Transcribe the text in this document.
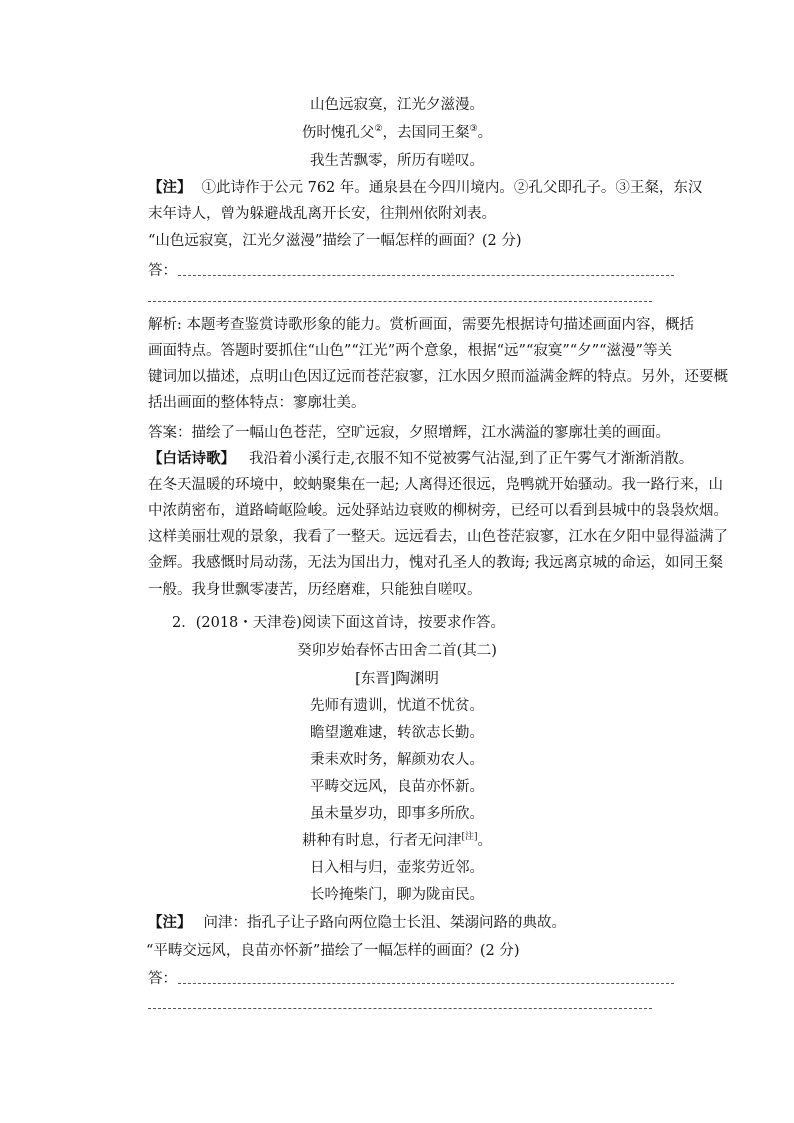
山色远寂寞，江光夕滋漫。
伤时愧孔父②，去国同王粲③。
我生苦飘零，所历有嗟叹。
【注】 ①此诗作于公元 762 年。通泉县在今四川境内。②孔父即孔子。③王粲，东汉
末年诗人，曾为躲避战乱离开长安，往荆州依附刘表。
“山色远寂寞，江光夕滋漫”描绘了一幅怎样的画面？(2 分)
答：
解析: 本题考查鉴赏诗歌形象的能力。赏析画面，需要先根据诗句描述画面内容，概括
画面特点。答题时要抓住“山色”“江光”两个意象，根据“远”“寂寞”“夕”“滋漫”等关
键词加以描述，点明山色因辽远而苍茫寂寥，江水因夕照而溢满金辉的特点。另外，还要概
括出画面的整体特点：寥廓壮美。
答案：描绘了一幅山色苍茫，空旷远寂，夕照增辉，江水满溢的寥廓壮美的画面。
【白话诗歌】 我沿着小溪行走,衣服不知不觉被雾气沾湿,到了正午雾气才渐渐消散。
在冬天温暖的环境中，蛟蚋聚集在一起; 人离得还很远，凫鸭就开始骚动。我一路行来，山
中浓荫密布，道路崎岖险峻。远处驿站边衰败的柳树旁，已经可以看到县城中的袅袅炊烟。
这样美丽壮观的景象，我看了一整天。远远看去，山色苍茫寂寥，江水在夕阳中显得溢满了
金辉。我感慨时局动荡，无法为国出力，愧对孔圣人的教诲; 我远离京城的命运，如同王粲
一般。我身世飘零凄苦，历经磨难，只能独自嗟叹。
2．(2018・天津卷)阅读下面这首诗，按要求作答。
癸卯岁始春怀古田舍二首(其二)
[东晋]陶渊明
先师有遗训，忧道不忧贫。
瞻望邈难逮，转欲志长勤。
秉耒欢时务，解颜劝农人。
平畴交远风，良苗亦怀新。
虽未量岁功，即事多所欣。
耕种有时息，行者无问津[注]。
日入相与归，壶浆劳近邻。
长吟掩柴门，聊为陇亩民。
【注】 问津：指孔子让子路向两位隐士长沮、桀溺问路的典故。
“平畴交远风，良苗亦怀新”描绘了一幅怎样的画面？(2 分)
答：
